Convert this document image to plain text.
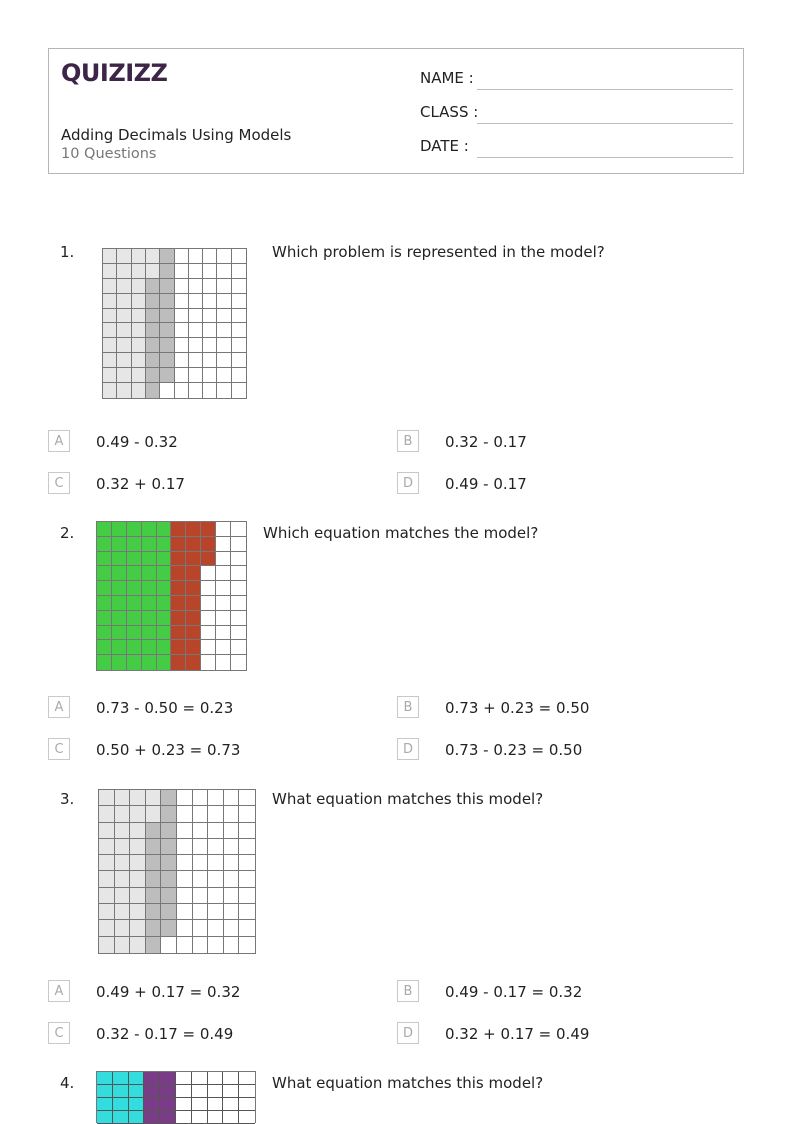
QUIZIZZ
Adding Decimals Using Models
10 Questions
NAME :
CLASS :
DATE :
1.	Which problem is represented in the model?
A	0.49 - 0.32	B	0.32 - 0.17
C	0.32 + 0.17	D	0.49 - 0.17
2.	Which equation matches the model?
A	0.73 - 0.50 = 0.23	B	0.73 + 0.23 = 0.50
C	0.50 + 0.23 = 0.73	D	0.73 - 0.23 = 0.50
3.	What equation matches this model?
A	0.49 + 0.17 = 0.32	B	0.49 - 0.17 = 0.32
C	0.32 - 0.17 = 0.49	D	0.32 + 0.17 = 0.49
4.	What equation matches this model?
